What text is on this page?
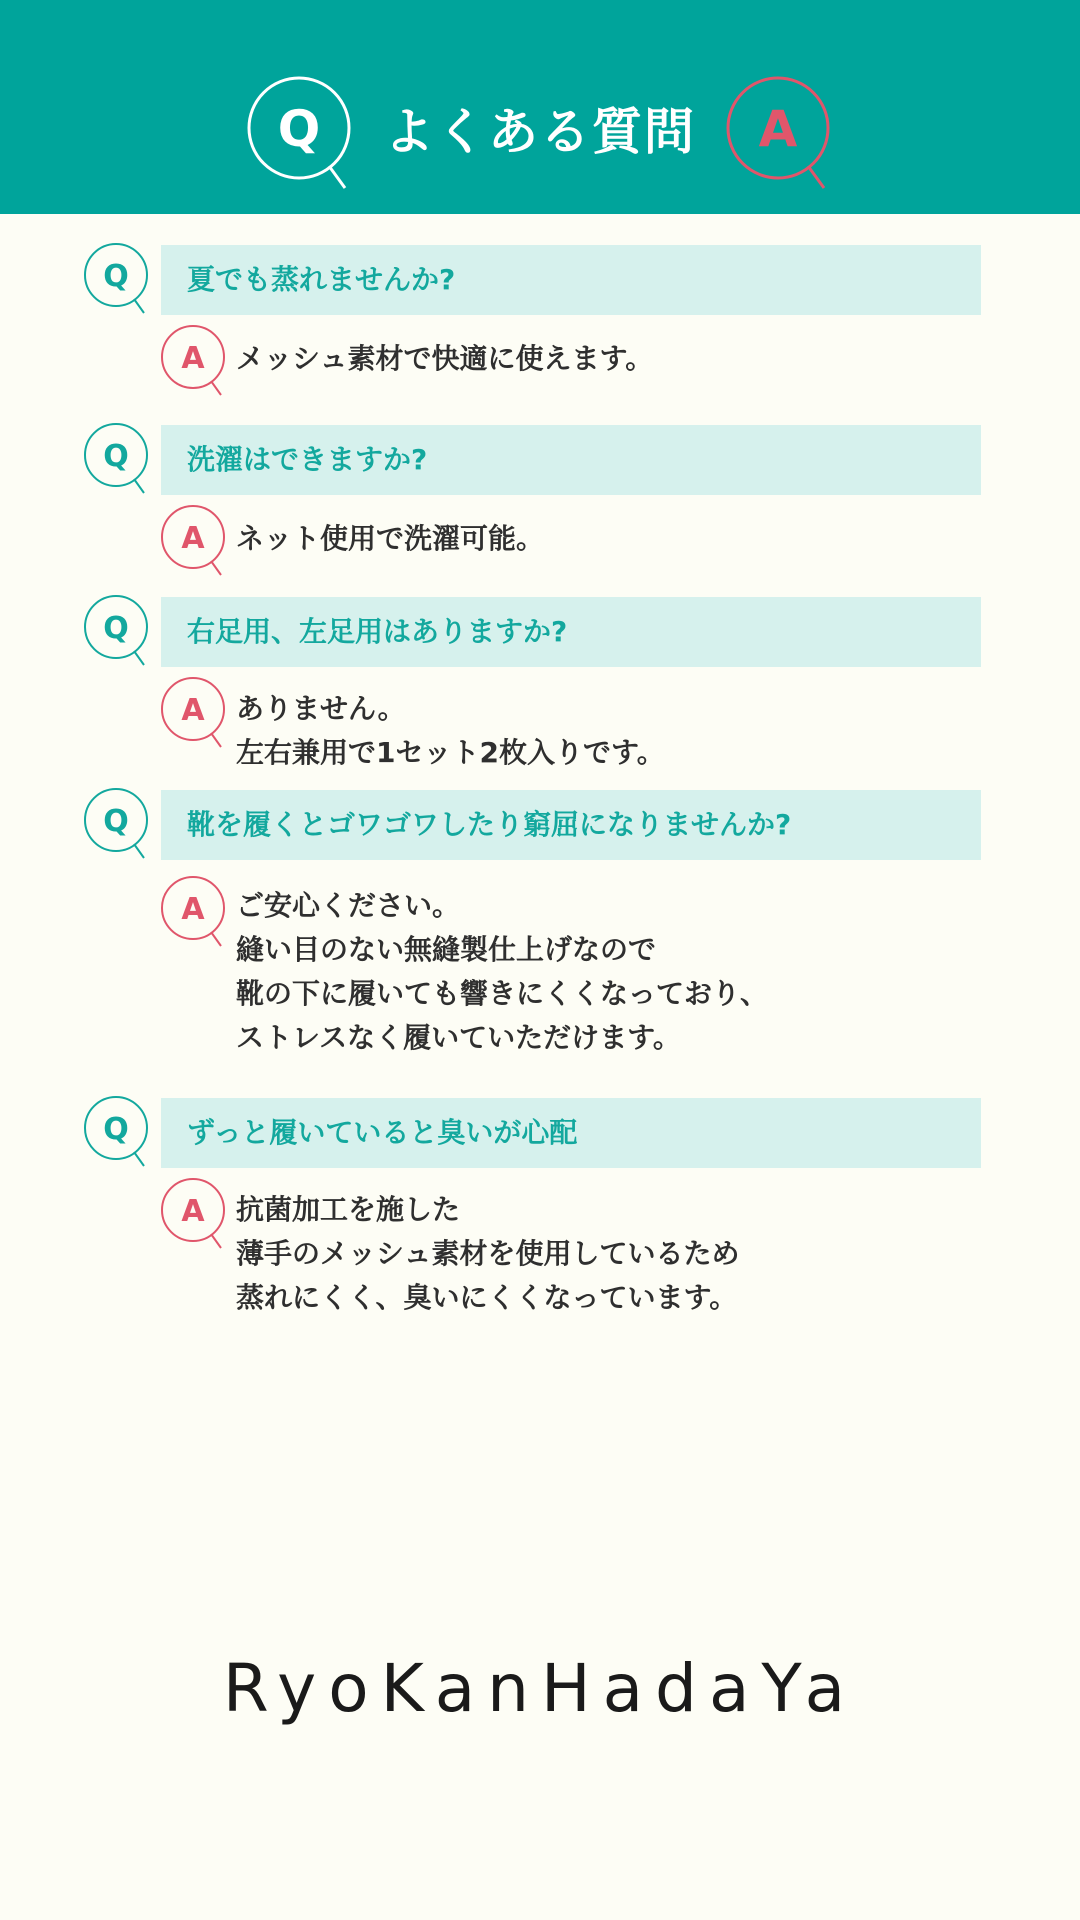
Q	よくある質問	A
Q 夏でも蒸れませんか?
A メッシュ素材で快適に使えます。
Q 洗濯はできますか?
A ネット使用で洗濯可能。
Q 右足用、左足用はありますか?
A ありません。
左右兼用で1セット2枚入りです。
Q 靴を履くとゴワゴワしたり窮屈になりませんか?
A ご安心ください。
縫い目のない無縫製仕上げなので
靴の下に履いても響きにくくなっており、
ストレスなく履いていただけます。
Q ずっと履いていると臭いが心配
A 抗菌加工を施した
薄手のメッシュ素材を使用しているため
蒸れにくく、臭いにくくなっています。
RyoKanHadaYa
